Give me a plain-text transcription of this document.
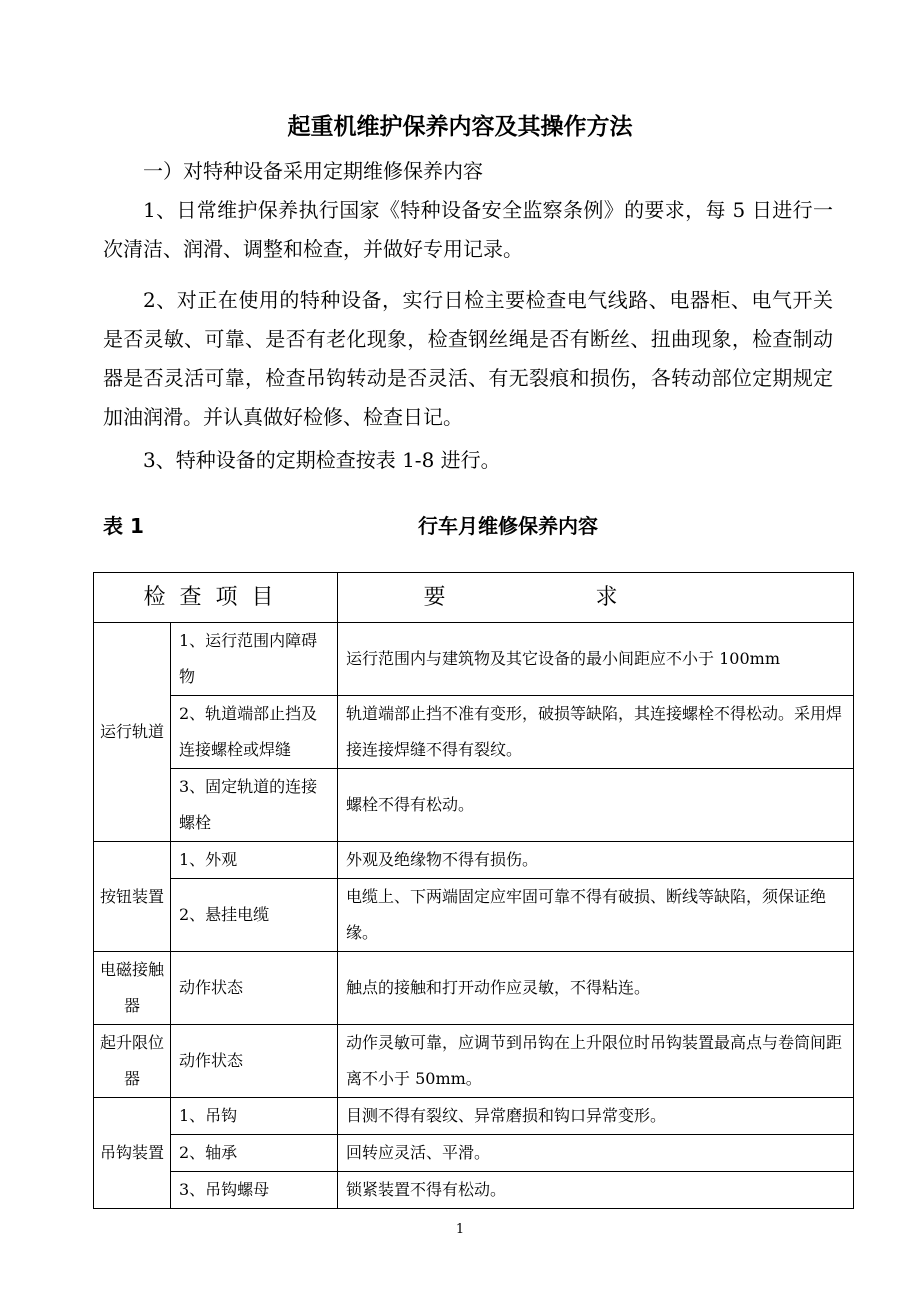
起重机维护保养内容及其操作方法

一）对特种设备采用定期维修保养内容

1、日常维护保养执行国家《特种设备安全监察条例》的要求，每 5 日进行一次清洁、润滑、调整和检查，并做好专用记录。

2、对正在使用的特种设备，实行日检主要检查电气线路、电器柜、电气开关是否灵敏、可靠、是否有老化现象，检查钢丝绳是否有断丝、扭曲现象，检查制动器是否灵活可靠，检查吊钩转动是否灵活、有无裂痕和损伤，各转动部位定期规定加油润滑。并认真做好检修、检查日记。

3、特种设备的定期检查按表 1-8 进行。

表 1	行车月维修保养内容
检查项目		要求
运行轨道	1、运行范围内障碍物	运行范围内与建筑物及其它设备的最小间距应不小于 100mm
	2、轨道端部止挡及连接螺栓或焊缝	轨道端部止挡不准有变形，破损等缺陷，其连接螺栓不得松动。采用焊接连接焊缝不得有裂纹。
	3、固定轨道的连接螺栓	螺栓不得有松动。
按钮装置	1、外观	外观及绝缘物不得有损伤。
	2、悬挂电缆	电缆上、下两端固定应牢固可靠不得有破损、断线等缺陷，须保证绝缘。
电磁接触器	动作状态	触点的接触和打开动作应灵敏，不得粘连。
起升限位器	动作状态	动作灵敏可靠，应调节到吊钩在上升限位时吊钩装置最高点与卷筒间距离不小于 50mm。
吊钩装置	1、吊钩	目测不得有裂纹、异常磨损和钩口异常变形。
	2、轴承	回转应灵活、平滑。
	3、吊钩螺母	锁紧装置不得有松动。
1
